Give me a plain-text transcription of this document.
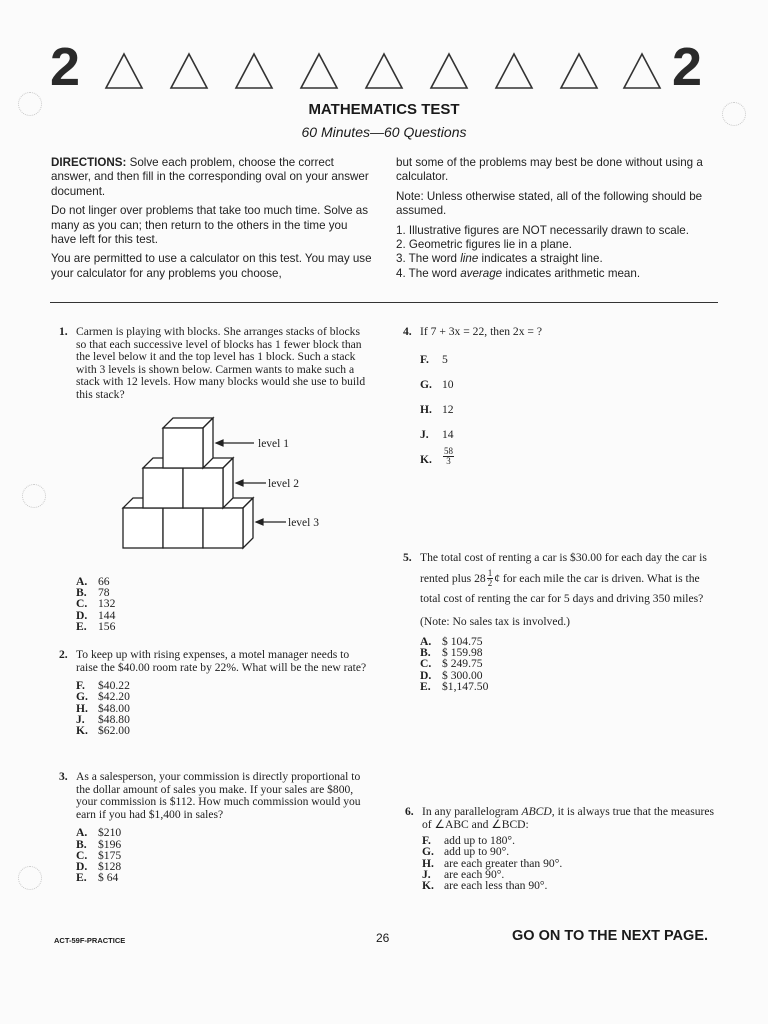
2	2
MATHEMATICS TEST
60 Minutes—60 Questions

DIRECTIONS: Solve each problem, choose the correct answer, and then fill in the corresponding oval on your answer document.

Do not linger over problems that take too much time. Solve as many as you can; then return to the others in the time you have left for this test.

You are permitted to use a calculator on this test. You may use your calculator for any problems you choose,

but some of the problems may best be done without using a calculator.

Note: Unless otherwise stated, all of the following should be assumed.

1. Illustrative figures are NOT necessarily drawn to scale.
2. Geometric figures lie in a plane.
3. The word line indicates a straight line.
4. The word average indicates arithmetic mean.
1. Carmen is playing with blocks. She arranges stacks of blocks so that each successive level of blocks has 1 fewer block than the level below it and the top level has 1 block. Such a stack with 3 levels is shown below. Carmen wants to make such a stack with 12 levels. How many blocks would she use to build this stack?

level 1
level 2
level 3
A. 66
B. 78
C. 132
D. 144
E. 156
2. To keep up with rising expenses, a motel manager needs to raise the $40.00 room rate by 22%. What will be the new rate?

F.	$40.22
G. $42.20
H. $48.00
J.	$48.80
K. $62.00
3. As a salesperson, your commission is directly proportional to the dollar amount of sales you make. If your sales are $800, your commission is $112. How much commission would you earn if you had $1,400 in sales?

A. $210
B. $196
C. $175
D. $128
E. $ 64
4. If 7 + 3x = 22, then 2x = ?

F.	5
G. 10
H. 12
J.	14
K.	$\frac{58}{3}$
5. The total cost of renting a car is $30.00 for each day the car is rented plus $28 \frac{1}{2}$ ¢ for each mile the car is driven. What is the total cost of renting the car for 5 days and driving 350 miles?

(Note: No sales tax is involved.)

A. $ 104.75
B. $ 159.98
C. $ 249.75
D. $ 300.00
E. $1,147.50
6. In any parallelogram ABCD, it is always true that the measures of ∠ABC and ∠BCD:

F.	add up to 180°.
G. add up to 90°.
H. are each greater than 90°.
J.	are each 90°.
K. are each less than 90°.
ACT-59F-PRACTICE	26	GO ON TO THE NEXT PAGE.
